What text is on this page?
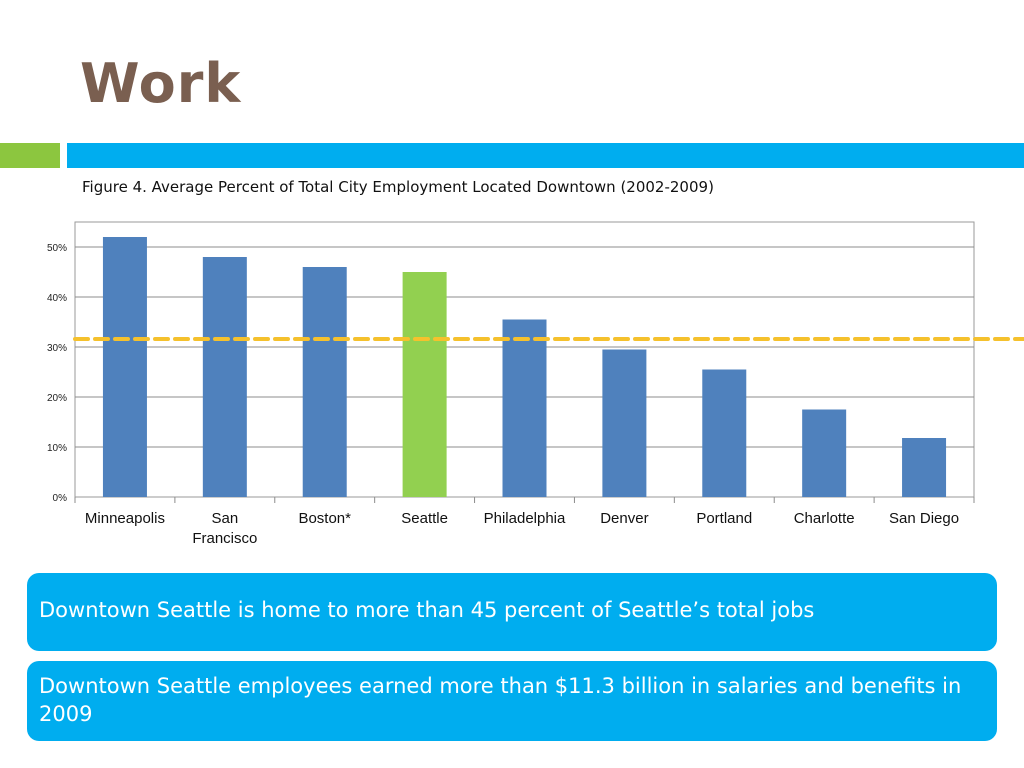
Work
Figure 4. Average Percent of Total City Employment Located Downtown (2002-2009)
0%
10%
20%
30%
40%
50%
Minneapolis	San
Francisco
Boston*	Seattle Philadelphia Denver	Portland	Charlotte San Diego
Downtown Seattle is home to more than 45 percent of Seattle’s total jobs
Downtown Seattle employees earned more than $11.3 billion in salaries and benefits in 2009
